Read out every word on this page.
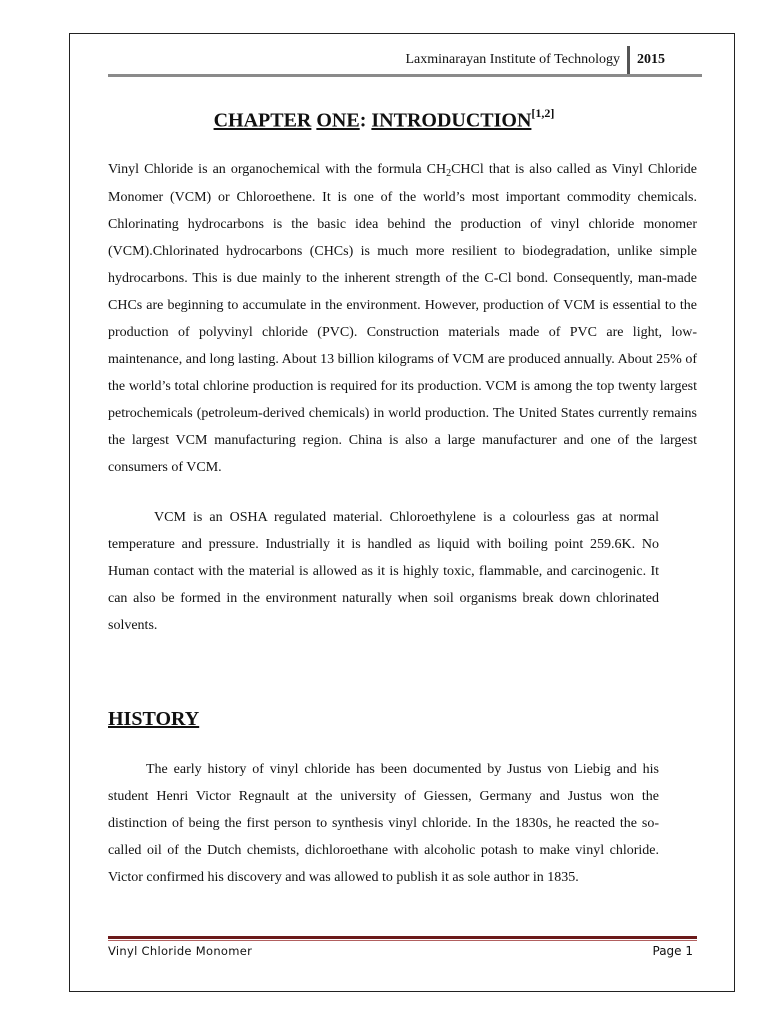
Laxminarayan Institute of Technology 2015
CHAPTER ONE: INTRODUCTION[1,2]

Vinyl Chloride is an organochemical with the formula $CH_2CHCl$ that is also called as Vinyl Chloride Monomer (VCM) or Chloroethene. It is one of the world’s most important commodity chemicals. Chlorinating hydrocarbons is the basic idea behind the production of vinyl chloride monomer (VCM).Chlorinated hydrocarbons (CHCs) is much more resilient to biodegradation, unlike simple hydrocarbons. This is due mainly to the inherent strength of the C-Cl bond. Consequently, man-made CHCs are beginning to accumulate in the environment. However, production of VCM is essential to the production of polyvinyl chloride (PVC). Construction materials made of PVC are light, low-maintenance, and long lasting. About 13 billion kilograms of VCM are produced annually. About 25% of the world’s total chlorine production is required for its production. VCM is among the top twenty largest petrochemicals (petroleum-derived chemicals) in world production. The United States currently remains the largest VCM manufacturing region. China is also a large manufacturer and one of the largest consumers of VCM.

VCM is an OSHA regulated material. Chloroethylene is a colourless gas at normal temperature and pressure. Industrially it is handled as liquid with boiling point 259.6K. No Human contact with the material is allowed as it is highly toxic, flammable, and carcinogenic. It can also be formed in the environment naturally when soil organisms break down chlorinated solvents.

HISTORY

The early history of vinyl chloride has been documented by Justus von Liebig and his student Henri Victor Regnault at the university of Giessen, Germany and Justus won the distinction of being the first person to synthesis vinyl chloride. In the 1830s, he reacted the so-called oil of the Dutch chemists, dichloroethane with alcoholic potash to make vinyl chloride. Victor confirmed his discovery and was allowed to publish it as sole author in 1835.

Vinyl Chloride Monomer	Page 1
